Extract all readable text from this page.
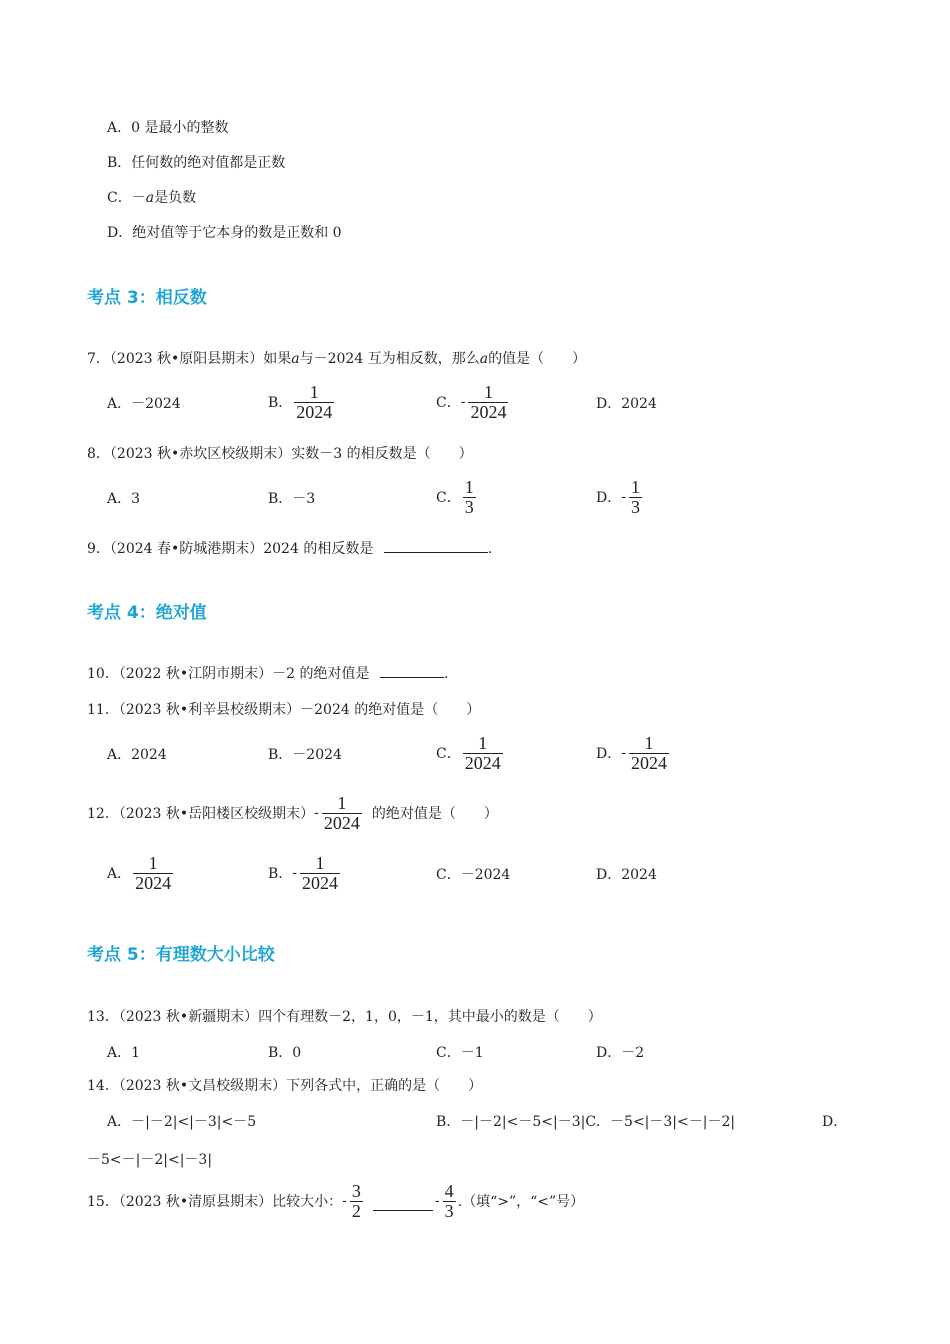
A．0 是最小的整数
B．任何数的绝对值都是正数
C．－a是负数
D．绝对值等于它本身的数是正数和 0
考点 3：相反数
7．（2023 秋•原阳县期末）如果a与－2024 互为相反数，那么a的值是（　　）
A．－2024	B． $\frac{1}{2024}$	C． - $\frac{1}{2024}$	D．2024
8．（2023 秋•赤坎区校级期末）实数－3 的相反数是（　　）
A．3	B．－3	C． $\frac{1}{3}$	D． - $\frac{1}{3}$
9．（2024 春•防城港期末）2024 的相反数是	.
考点 4：绝对值
10．（2022 秋•江阴市期末）－2 的绝对值是	.
11．（2023 秋•利辛县校级期末）－2024 的绝对值是（　　）
A．2024	B．－2024	C． $\frac{1}{2024}$	D． - $\frac{1}{2024}$
12．（2023 秋•岳阳楼区校级期末） - $\frac{1}{2024}$ 的绝对值是（　　）
A． $\frac{1}{2024}$	B． - $\frac{1}{2024}$	C．－2024	D．2024
考点 5：有理数大小比较
13．（2023 秋•新疆期末）四个有理数－2，1，0，－1，其中最小的数是（　　）
A．1	B．0	C．－1	D．－2
14．（2023 秋•文昌校级期末）下列各式中，正确的是（　　）
A．－|－2|<|－3|<－5	B．－|－2|<－5<|－3|C．－5<|－3|<－|－2|	D．
－5<－|－2|<|－3|
15．（2023 秋•清原县期末）比较大小： - $\frac{3}{2}$	- $\frac{4}{3}$ .（填“>”，“<”号）
